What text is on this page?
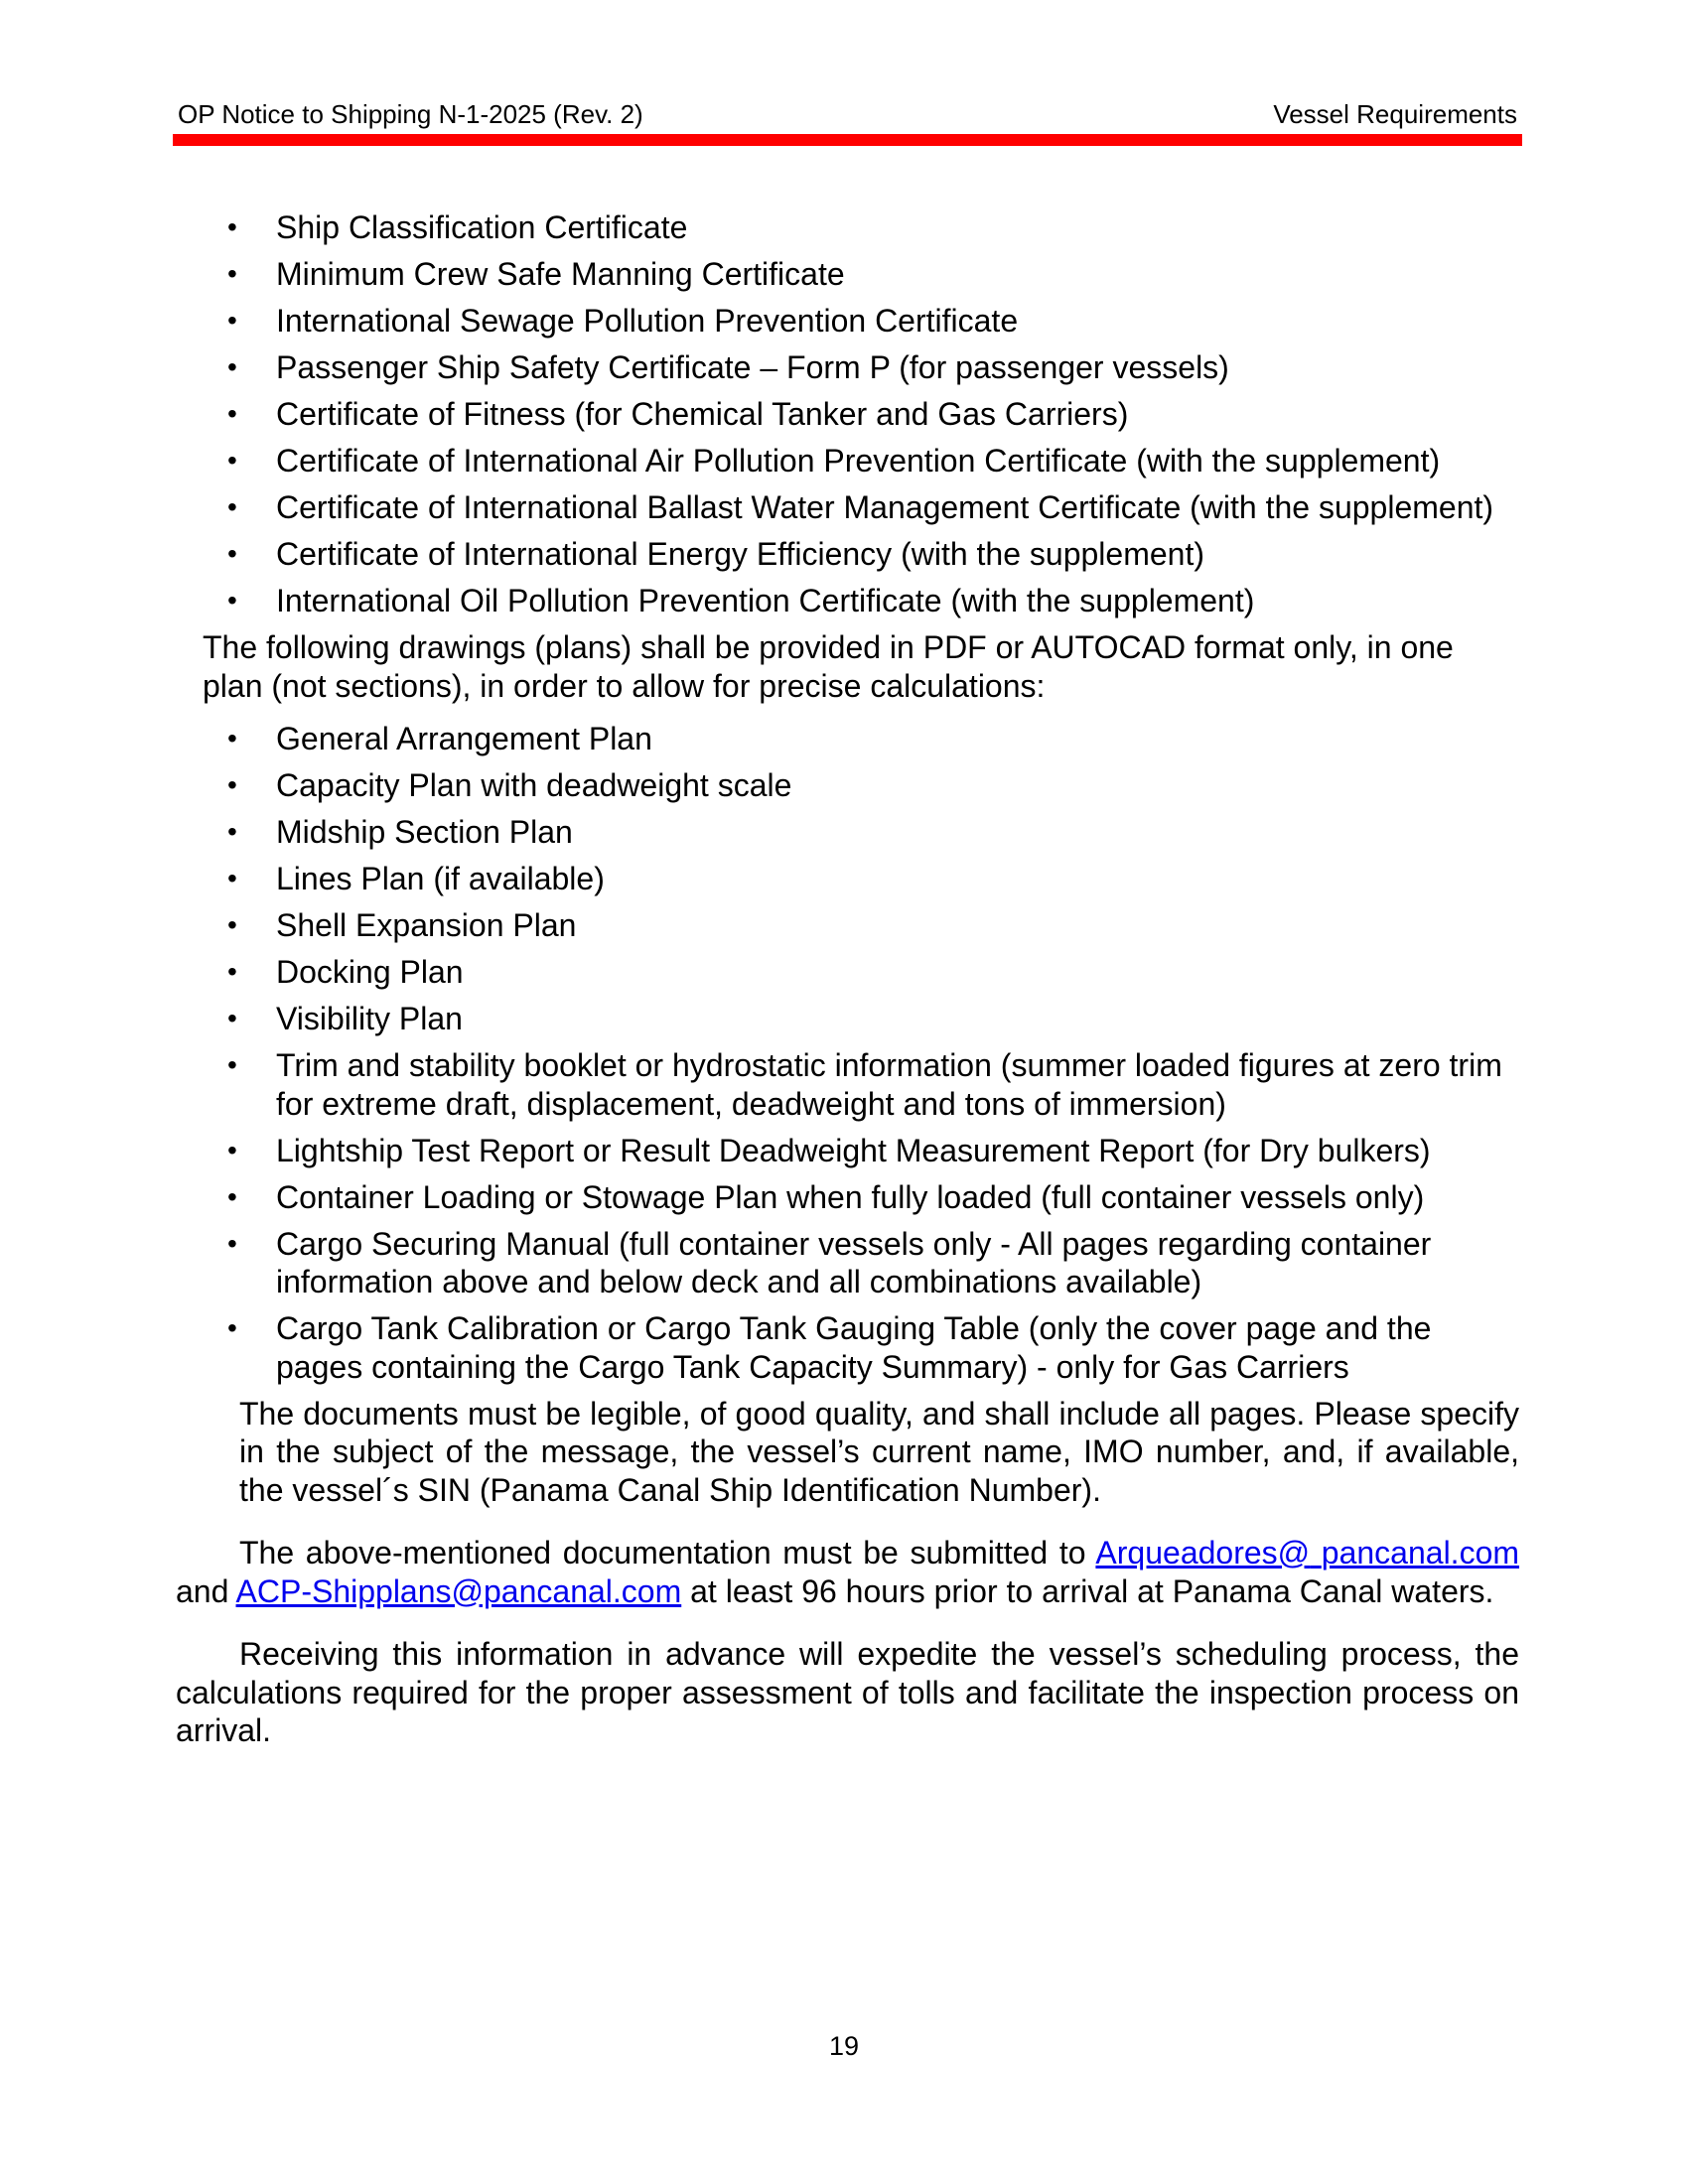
OP Notice to Shipping N-1-2025 (Rev. 2)	Vessel Requirements
• Ship Classification Certificate
• Minimum Crew Safe Manning Certificate
• International Sewage Pollution Prevention Certificate
• Passenger Ship Safety Certificate – Form P (for passenger vessels)
• Certificate of Fitness (for Chemical Tanker and Gas Carriers)
• Certificate of International Air Pollution Prevention Certificate (with the supplement)
• Certificate of International Ballast Water Management Certificate (with the supplement)
• Certificate of International Energy Efficiency (with the supplement)
• International Oil Pollution Prevention Certificate (with the supplement)

The following drawings (plans) shall be provided in PDF or AUTOCAD format only, in one plan (not sections), in order to allow for precise calculations:

• General Arrangement Plan
• Capacity Plan with deadweight scale
• Midship Section Plan
• Lines Plan (if available)
• Shell Expansion Plan
• Docking Plan
• Visibility Plan
• Trim and stability booklet or hydrostatic information (summer loaded figures at zero trim for extreme draft, displacement, deadweight and tons of immersion)
• Lightship Test Report or Result Deadweight Measurement Report (for Dry bulkers)
• Container Loading or Stowage Plan when fully loaded (full container vessels only)
• Cargo Securing Manual (full container vessels only - All pages regarding container information above and below deck and all combinations available)
• Cargo Tank Calibration or Cargo Tank Gauging Table (only the cover page and the pages containing the Cargo Tank Capacity Summary) - only for Gas Carriers

The documents must be legible, of good quality, and shall include all pages. Please specify in the subject of the message, the vessel’s current name, IMO number, and, if available, the vessel´s SIN (Panama Canal Ship Identification Number).

The above-mentioned documentation must be submitted to Arqueadores@ pancanal.com and ACP-Shipplans@pancanal.com at least 96 hours prior to arrival at Panama Canal waters.

Receiving this information in advance will expedite the vessel’s scheduling process, the calculations required for the proper assessment of tolls and facilitate the inspection process on arrival.

19
